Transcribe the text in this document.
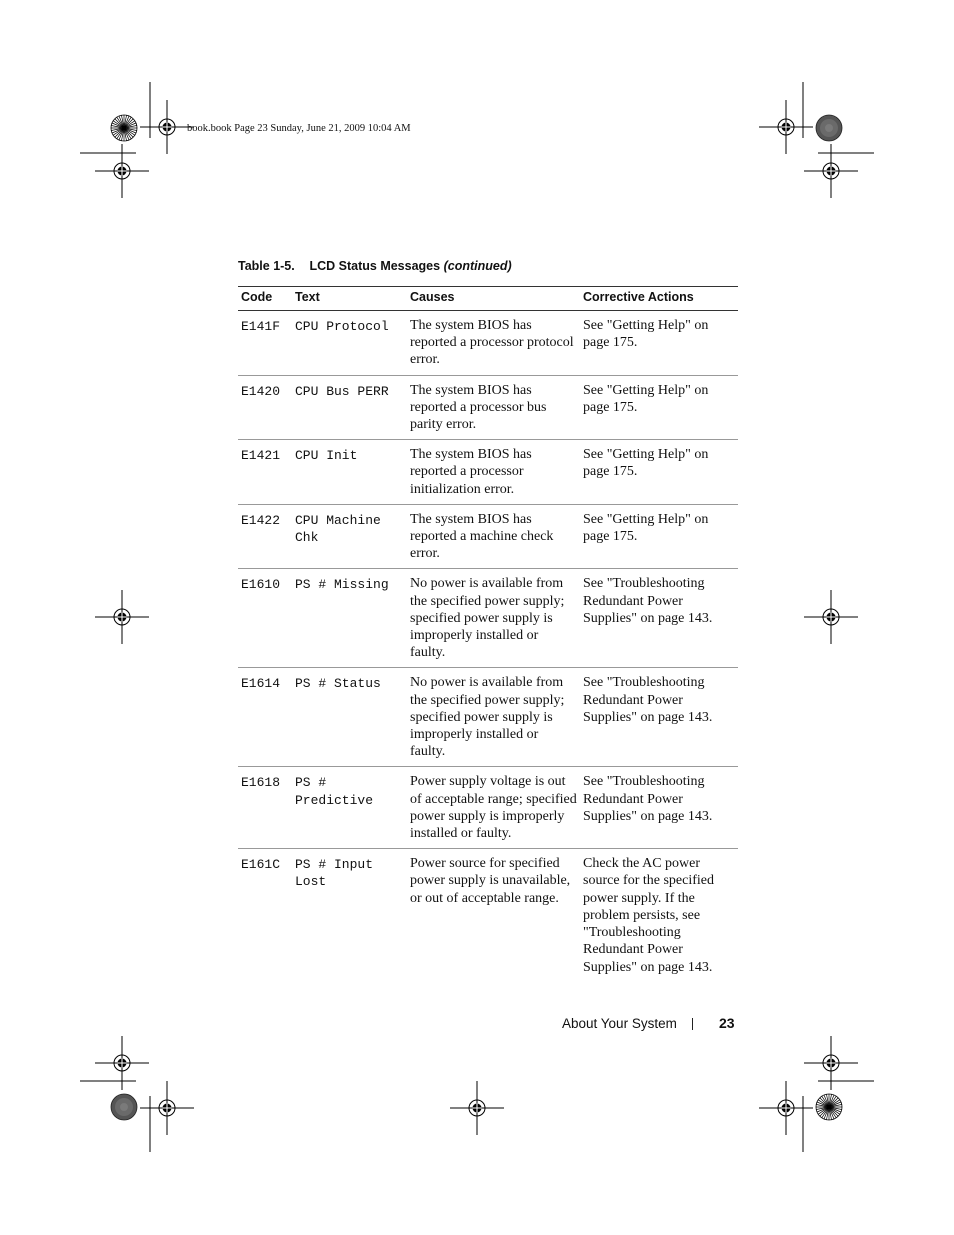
book.book Page 23 Sunday, June 21, 2009 10:04 AM
Table 1-5. LCD Status Messages (continued)
Code	Text	Causes	Corrective Actions
E141F	CPU Protocol	The system BIOS has reported a processor protocol error.	See "Getting Help" on page 175.
E1420	CPU Bus PERR	The system BIOS has reported a processor bus parity error.	See "Getting Help" on page 175.
E1421	CPU Init	The system BIOS has reported a processor initialization error.	See "Getting Help" on page 175.
E1422	CPU Machine Chk	The system BIOS has reported a machine check error.	See "Getting Help" on page 175.
E1610	PS # Missing	No power is available from the specified power supply; specified power supply is improperly installed or faulty.	See "Troubleshooting Redundant Power Supplies" on page 143.
E1614	PS # Status	No power is available from the specified power supply; specified power supply is improperly installed or faulty.	See "Troubleshooting Redundant Power Supplies" on page 143.
E1618	PS # Predictive	Power supply voltage is out of acceptable range; specified power supply is improperly installed or faulty.	See "Troubleshooting Redundant Power Supplies" on page 143.
E161C	PS # Input Lost	Power source for specified power supply is unavailable, or out of acceptable range.	Check the AC power source for the specified power supply. If the problem persists, see "Troubleshooting Redundant Power Supplies" on page 143.
About Your System	23
